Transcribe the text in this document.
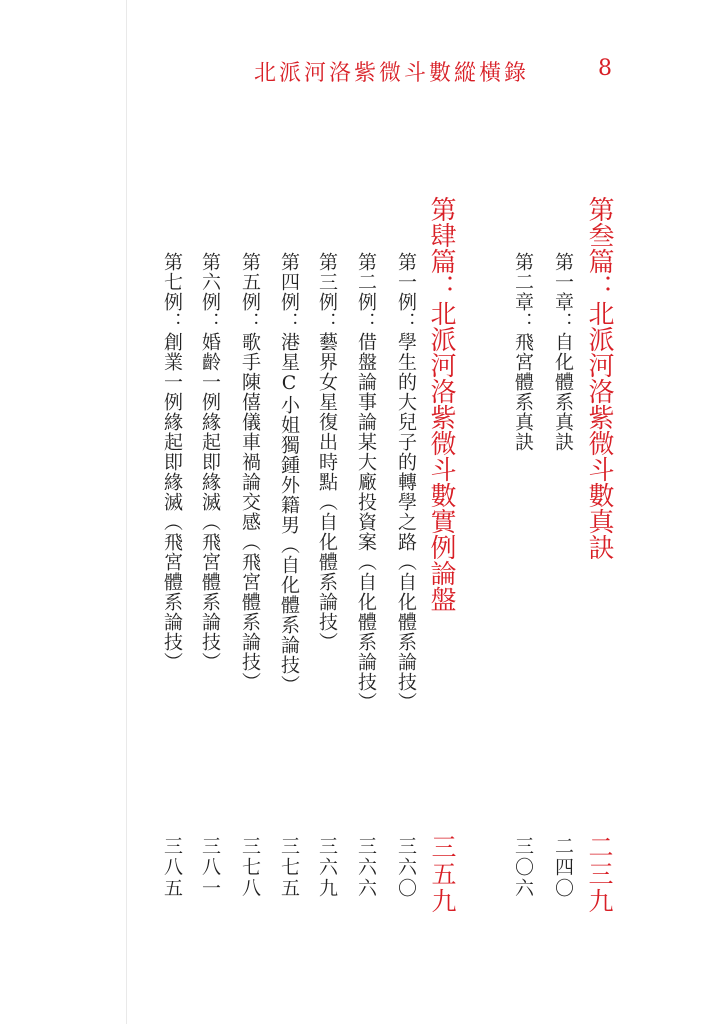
北派河洛紫微斗數縱橫錄	8
第叁篇：北派河洛紫微斗數真訣
第一章：自化體系真訣
第二章：飛宮體系真訣
二三九
二四〇
三〇六
第肆篇：北派河洛紫微斗數實例論盤
第一例：學生的大兒子的轉學之路（自化體系論技）
第二例：借盤論事論某大廠投資案（自化體系論技）
第三例：藝界女星復出時點（自化體系論技）
第四例：港星C小姐獨鍾外籍男（自化體系論技）
第五例：歌手陳僖儀車禍論交感（飛宮體系論技）
第六例：婚齡一例緣起即緣滅（飛宮體系論技）
第七例：創業一例緣起即緣滅（飛宮體系論技）
三五九
三六〇
三六六
三六九
三七五
三七八
三八一
三八五
